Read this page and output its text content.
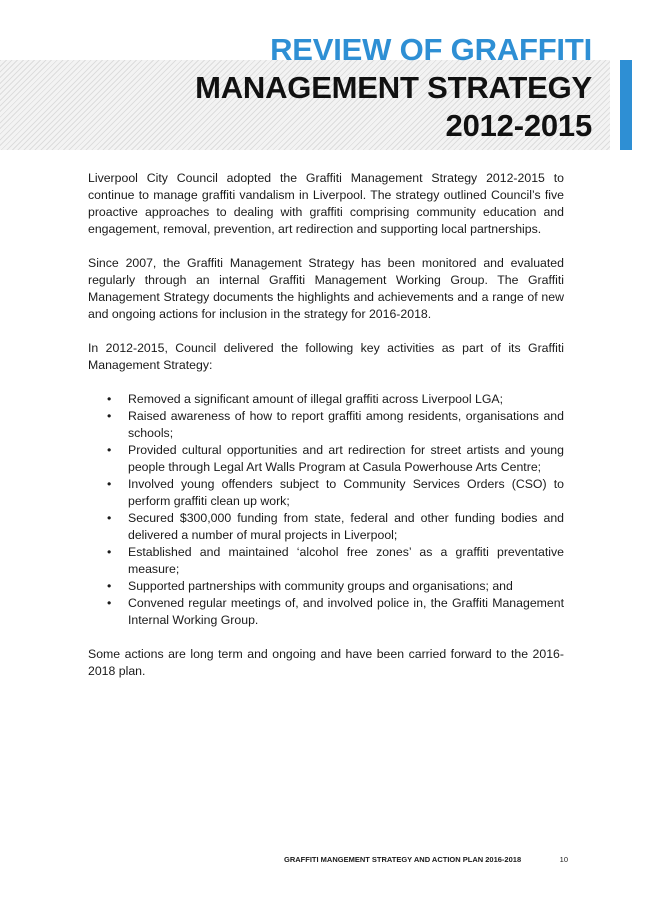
REVIEW OF GRAFFITI
MANAGEMENT STRATEGY
2012-2015

Liverpool City Council adopted the Graffiti Management Strategy 2012-2015 to continue to manage graffiti vandalism in Liverpool. The strategy outlined Council’s five proactive approaches to dealing with graffiti comprising community education and engagement, removal, prevention, art redirection and supporting local partnerships.

Since 2007, the Graffiti Management Strategy has been monitored and evaluated regularly through an internal Graffiti Management Working Group. The Graffiti Management Strategy documents the highlights and achievements and a range of new and ongoing actions for inclusion in the strategy for 2016-2018.

In 2012-2015, Council delivered the following key activities as part of its Graffiti Management Strategy:

• Removed a significant amount of illegal graffiti across Liverpool LGA;
• Raised awareness of how to report graffiti among residents, organisations and schools;
• Provided cultural opportunities and art redirection for street artists and young people through Legal Art Walls Program at Casula Powerhouse Arts Centre;
• Involved young offenders subject to Community Services Orders (CSO) to perform graffiti clean up work;
• Secured $300,000 funding from state, federal and other funding bodies and delivered a number of mural projects in Liverpool;
• Established and maintained ‘alcohol free zones’ as a graffiti preventative measure;
• Supported partnerships with community groups and organisations; and
• Convened regular meetings of, and involved police in, the Graffiti Management Internal Working Group.

Some actions are long term and ongoing and have been carried forward to the 2016-2018 plan.

GRAFFITI MANGEMENT STRATEGY AND ACTION PLAN 2016-2018	10
